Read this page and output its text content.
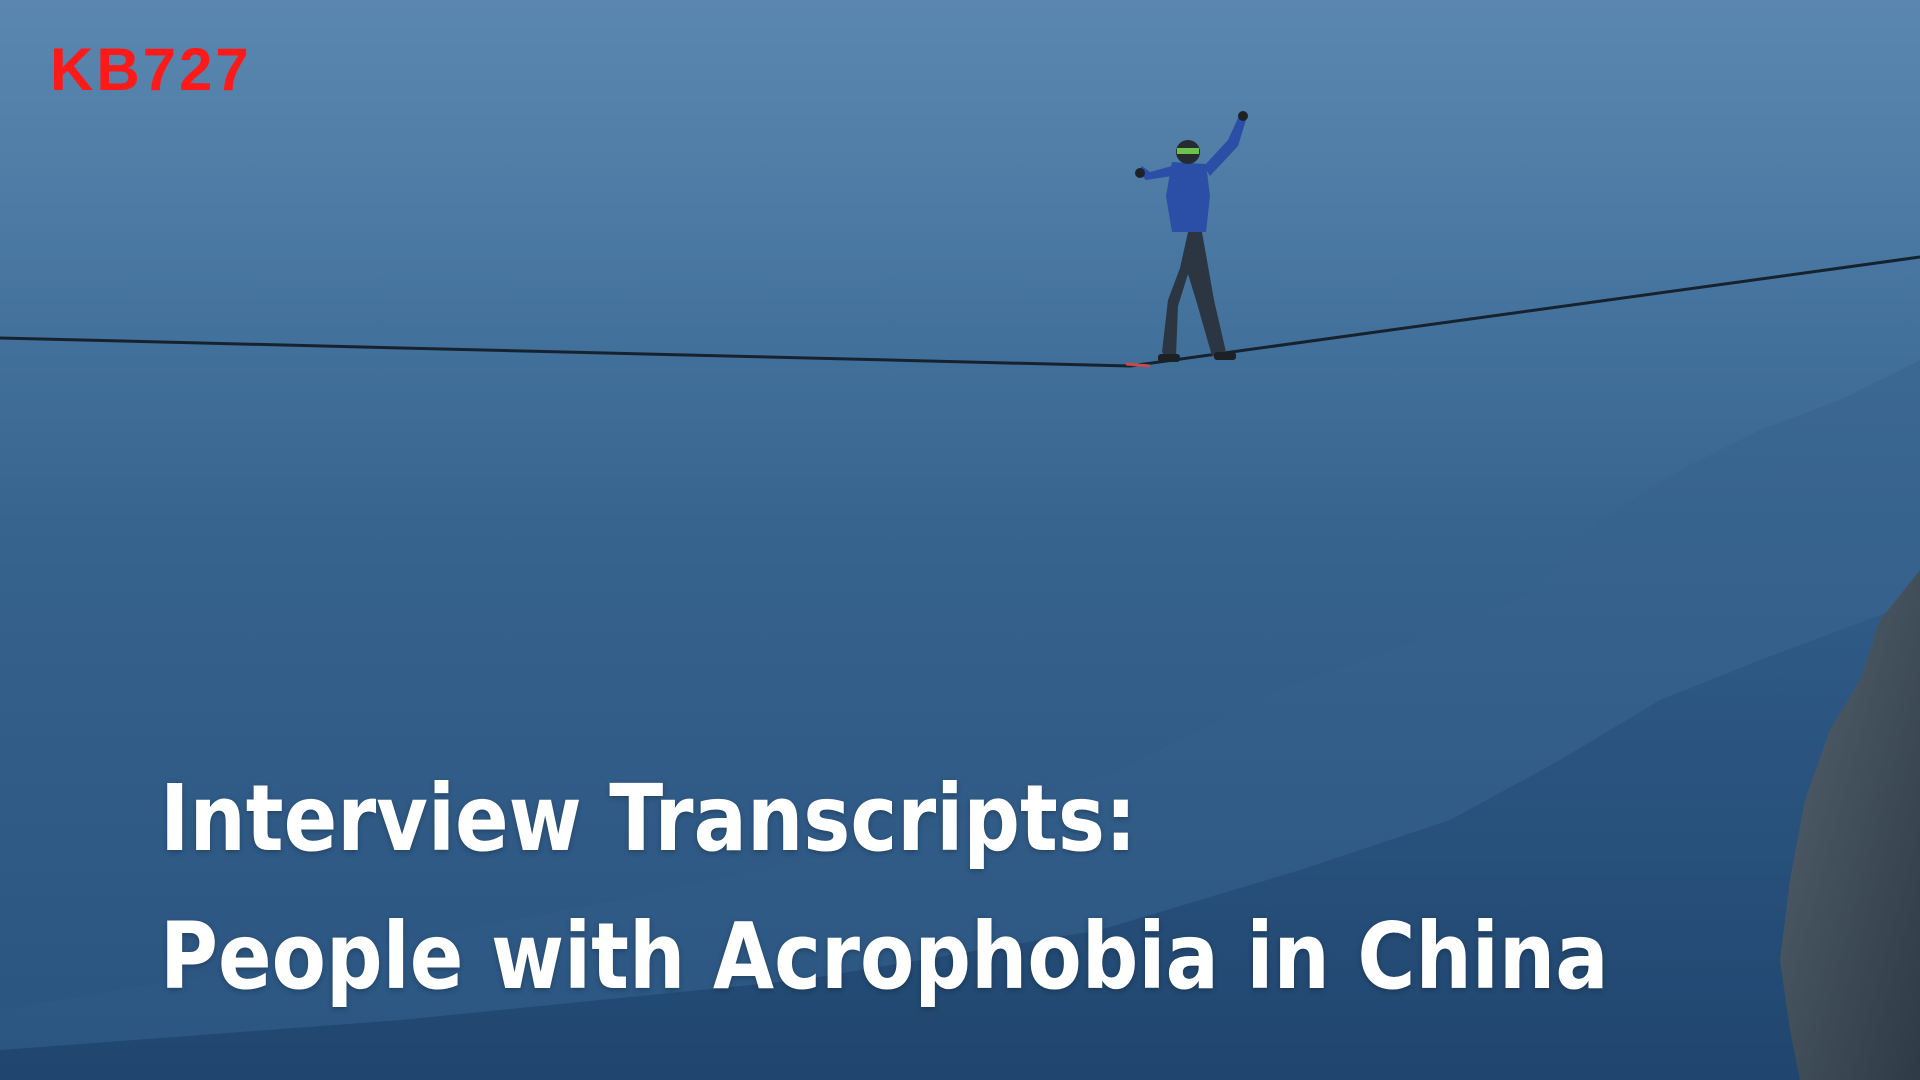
KB727
Interview Transcripts:
People with Acrophobia in China
